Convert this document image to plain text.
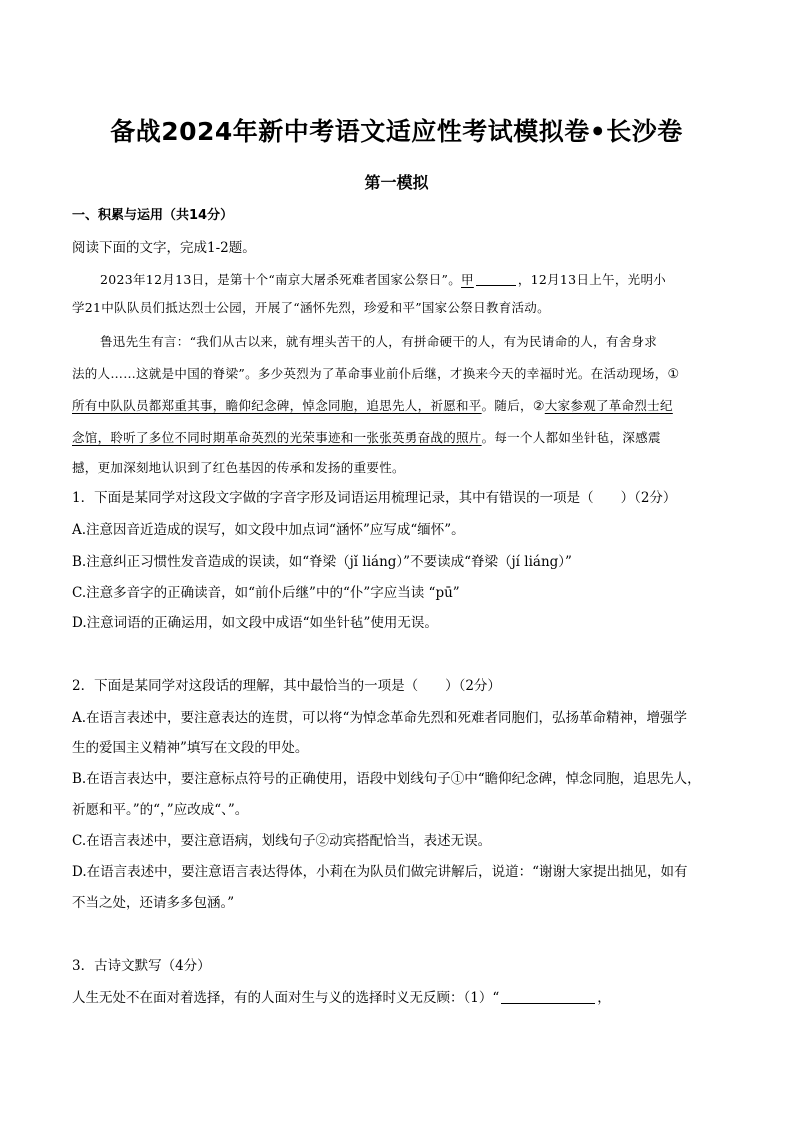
备战2024年新中考语文适应性考试模拟卷•长沙卷
第一模拟
一、积累与运用（共14分）
阅读下面的文字，完成1-2题。
2023年12月13日，是第十个“南京大屠杀死难者国家公祭日”。甲	，12月13日上午，光明小
学21中队队员们抵达烈士公园，开展了“涵怀先烈，珍爱和平”国家公祭日教育活动。
鲁迅先生有言：“我们从古以来，就有埋头苦干的人，有拼命硬干的人，有为民请命的人，有舍身求
法的人……这就是中国的脊梁”。多少英烈为了革命事业前仆后继，才换来今天的幸福时光。在活动现场，①
所有中队队员都郑重其事，瞻仰纪念碑，悼念同胞，追思先人，祈愿和平。随后，②大家参观了革命烈士纪
念馆，聆听了多位不同时期革命英烈的光荣事迹和一张张英勇奋战的照片。每一个人都如坐针毡，深感震
撼，更加深刻地认识到了红色基因的传承和发扬的重要性。
1．下面是某同学对这段文字做的字音字形及词语运用梳理记录，其中有错误的一项是（　　）（2分）
A.注意因音近造成的误写，如文段中加点词“涵怀”应写成“缅怀”。
B.注意纠正习惯性发音造成的误读，如“脊梁（jǐ liáng）”不要读成“脊梁（jí liáng）”
C.注意多音字的正确读音，如“前仆后继”中的“仆”字应当读 “pū”
D.注意词语的正确运用，如文段中成语“如坐针毡”使用无误。
2．下面是某同学对这段话的理解，其中最恰当的一项是（　　）（2分）
A.在语言表述中，要注意表达的连贯，可以将“为悼念革命先烈和死难者同胞们，弘扬革命精神，增强学
生的爱国主义精神”填写在文段的甲处。
B.在语言表达中，要注意标点符号的正确使用，语段中划线句子①中“瞻仰纪念碑，悼念同胞，追思先人，
祈愿和平。”的“，”应改成“、”。
C.在语言表述中，要注意语病，划线句子②动宾搭配恰当，表述无误。
D.在语言表述中，要注意语言表达得体，小莉在为队员们做完讲解后，说道：“谢谢大家提出拙见，如有
不当之处，还请多多包涵。”
3．古诗文默写（4分）
人生无处不在面对着选择，有的人面对生与义的选择时义无反顾：（1）“	，
